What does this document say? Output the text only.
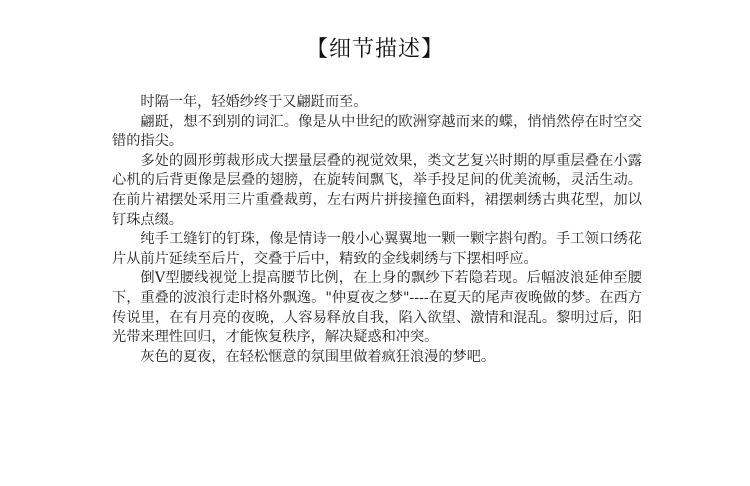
【细节描述】

时隔一年，轻婚纱终于又翩跹而至。

翩跹，想不到别的词汇。像是从中世纪的欧洲穿越而来的蝶，悄悄然停在时空交错的指尖。

多处的圆形剪裁形成大摆量层叠的视觉效果，类文艺复兴时期的厚重层叠在小露心机的后背更像是层叠的翅膀，在旋转间飘飞，举手投足间的优美流畅，灵活生动。在前片裙摆处采用三片重叠裁剪，左右两片拼接撞色面料，裙摆刺绣古典花型，加以钉珠点缀。

纯手工缝钉的钉珠，像是情诗一般小心翼翼地一颗一颗字斟句酌。手工领口绣花片从前片延续至后片，交叠于后中，精致的金线刺绣与下摆相呼应。

倒V型腰线视觉上提高腰节比例，在上身的飘纱下若隐若现。后幅波浪延伸至腰下，重叠的波浪行走时格外飘逸。"仲夏夜之梦"----在夏天的尾声夜晚做的梦。在西方传说里，在有月亮的夜晚，人容易释放自我，陷入欲望、激情和混乱。黎明过后，阳光带来理性回归，才能恢复秩序，解决疑惑和冲突。

灰色的夏夜，在轻松惬意的氛围里做着疯狂浪漫的梦吧。
